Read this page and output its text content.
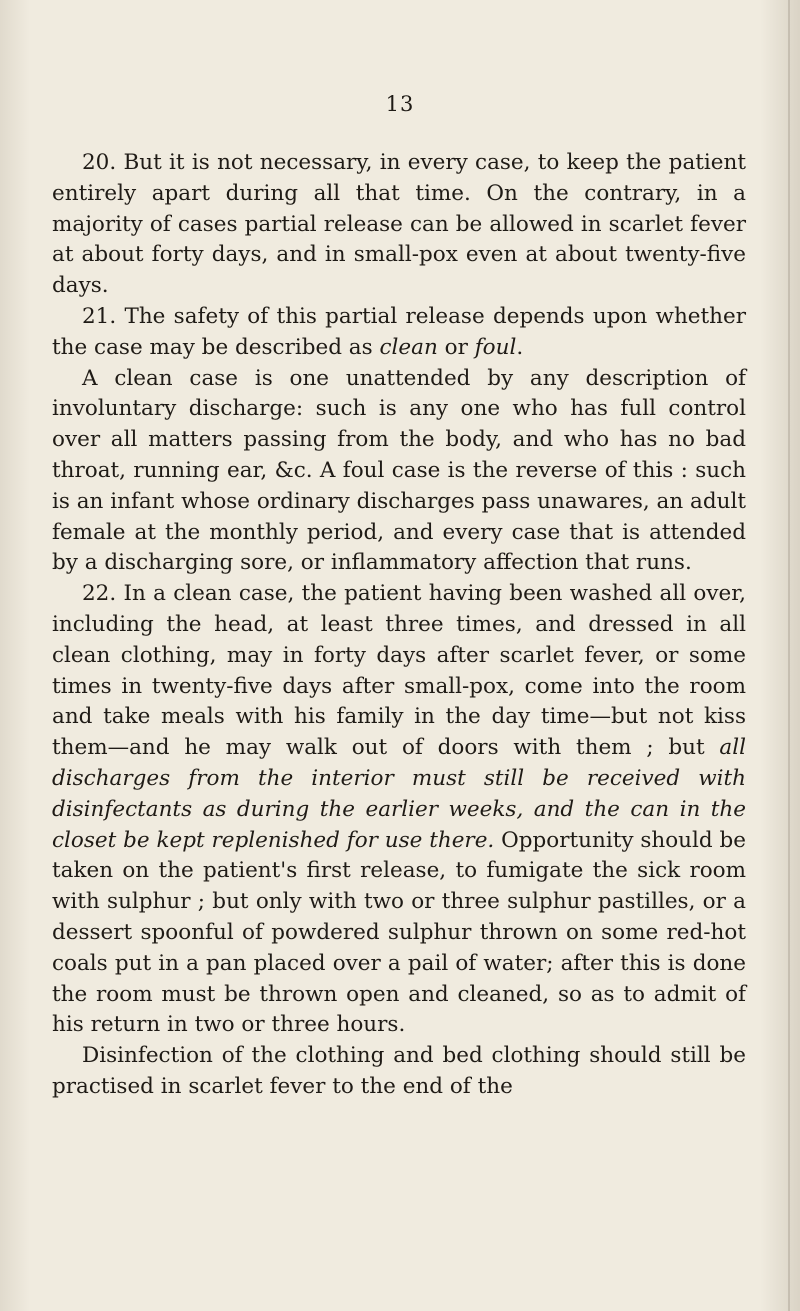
13

20. But it is not necessary, in every case, to keep the patient entirely apart during all that time. On the contrary, in a majority of cases partial release can be allowed in scarlet fever at about forty days, and in small-pox even at about twenty-five days.

21. The safety of this partial release depends upon whether the case may be described as clean or foul.

A clean case is one unattended by any description of involuntary discharge: such is any one who has full control over all matters passing from the body, and who has no bad throat, running ear, &c. A foul case is the reverse of this : such is an infant whose ordinary discharges pass unawares, an adult female at the monthly period, and every case that is attended by a discharging sore, or inflammatory affection that runs.

22. In a clean case, the patient having been washed all over, including the head, at least three times, and dressed in all clean clothing, may in forty days after scarlet fever, or some times in twenty-five days after small-pox, come into the room and take meals with his family in the day time—but not kiss them—and he may walk out of doors with them ; but all discharges from the interior must still be received with disinfectants as during the earlier weeks, and the can in the closet be kept replenished for use there. Opportunity should be taken on the patient's first release, to fumigate the sick room with sulphur ; but only with two or three sulphur pastilles, or a dessert spoonful of powdered sulphur thrown on some red-hot coals put in a pan placed over a pail of water; after this is done the room must be thrown open and cleaned, so as to admit of his return in two or three hours.

Disinfection of the clothing and bed clothing should still be practised in scarlet fever to the end of the
